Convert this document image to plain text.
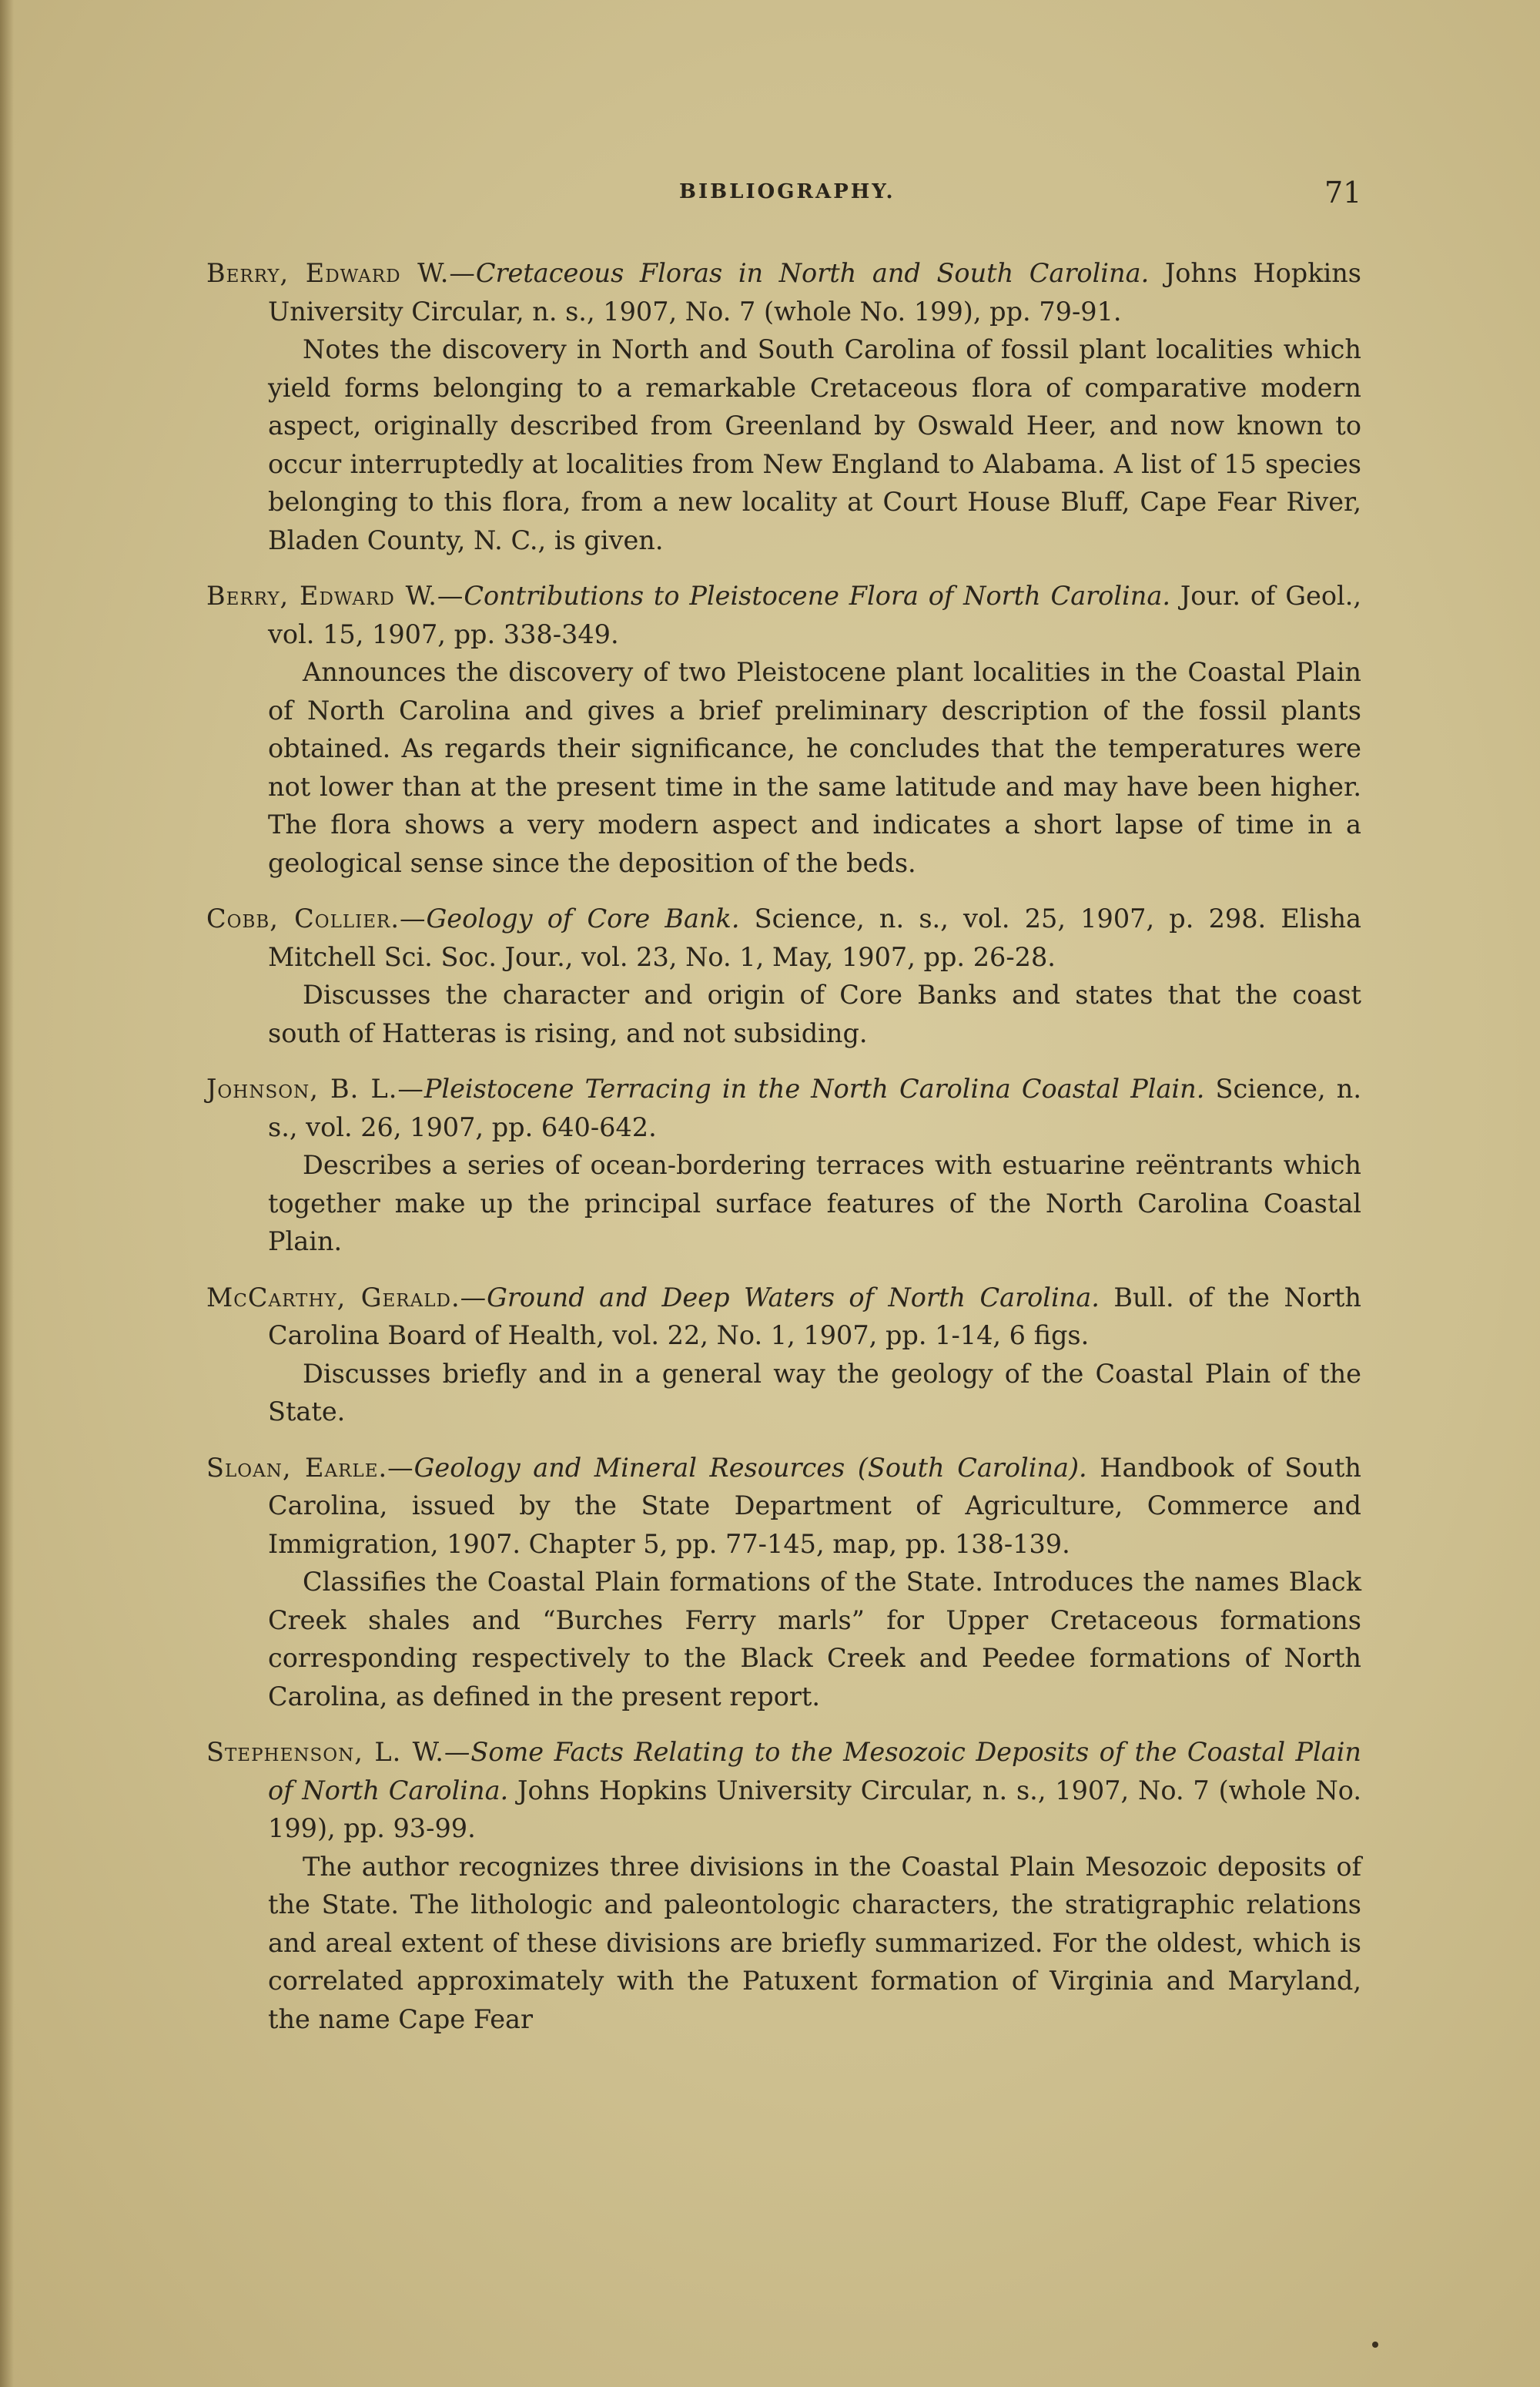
BIBLIOGRAPHY.	71
Berry, Edward W.—Cretaceous Floras in North and South Carolina. Johns Hopkins University Circular, n. s., 1907, No. 7 (whole No. 199), pp. 79-91.
Notes the discovery in North and South Carolina of fossil plant localities which yield forms belonging to a remarkable Cretaceous flora of comparative modern aspect, originally described from Greenland by Oswald Heer, and now known to occur interruptedly at localities from New England to Alabama. A list of 15 species belonging to this flora, from a new locality at Court House Bluff, Cape Fear River, Bladen County, N. C., is given.
Berry, Edward W.—Contributions to Pleistocene Flora of North Carolina. Jour. of Geol., vol. 15, 1907, pp. 338-349.
Announces the discovery of two Pleistocene plant localities in the Coastal Plain of North Carolina and gives a brief preliminary description of the fossil plants obtained. As regards their significance, he concludes that the temperatures were not lower than at the present time in the same latitude and may have been higher. The flora shows a very modern aspect and indicates a short lapse of time in a geological sense since the deposition of the beds.
Cobb, Collier.—Geology of Core Bank. Science, n. s., vol. 25, 1907, p. 298. Elisha Mitchell Sci. Soc. Jour., vol. 23, No. 1, May, 1907, pp. 26-28.
Discusses the character and origin of Core Banks and states that the coast south of Hatteras is rising, and not subsiding.
Johnson, B. L.—Pleistocene Terracing in the North Carolina Coastal Plain. Science, n. s., vol. 26, 1907, pp. 640-642.
Describes a series of ocean-bordering terraces with estuarine reëntrants which together make up the principal surface features of the North Carolina Coastal Plain.
McCarthy, Gerald.—Ground and Deep Waters of North Carolina. Bull. of the North Carolina Board of Health, vol. 22, No. 1, 1907, pp. 1-14, 6 figs.
Discusses briefly and in a general way the geology of the Coastal Plain of the State.
Sloan, Earle.—Geology and Mineral Resources (South Carolina). Handbook of South Carolina, issued by the State Department of Agriculture, Commerce and Immigration, 1907. Chapter 5, pp. 77-145, map, pp. 138-139.
Classifies the Coastal Plain formations of the State. Introduces the names Black Creek shales and “Burches Ferry marls” for Upper Cretaceous formations corresponding respectively to the Black Creek and Peedee formations of North Carolina, as defined in the present report.
Stephenson, L. W.—Some Facts Relating to the Mesozoic Deposits of the Coastal Plain of North Carolina. Johns Hopkins University Circular, n. s., 1907, No. 7 (whole No. 199), pp. 93-99.
The author recognizes three divisions in the Coastal Plain Mesozoic deposits of the State. The lithologic and paleontologic characters, the stratigraphic relations and areal extent of these divisions are briefly summarized. For the oldest, which is correlated approximately with the Patuxent formation of Virginia and Maryland, the name Cape Fear
